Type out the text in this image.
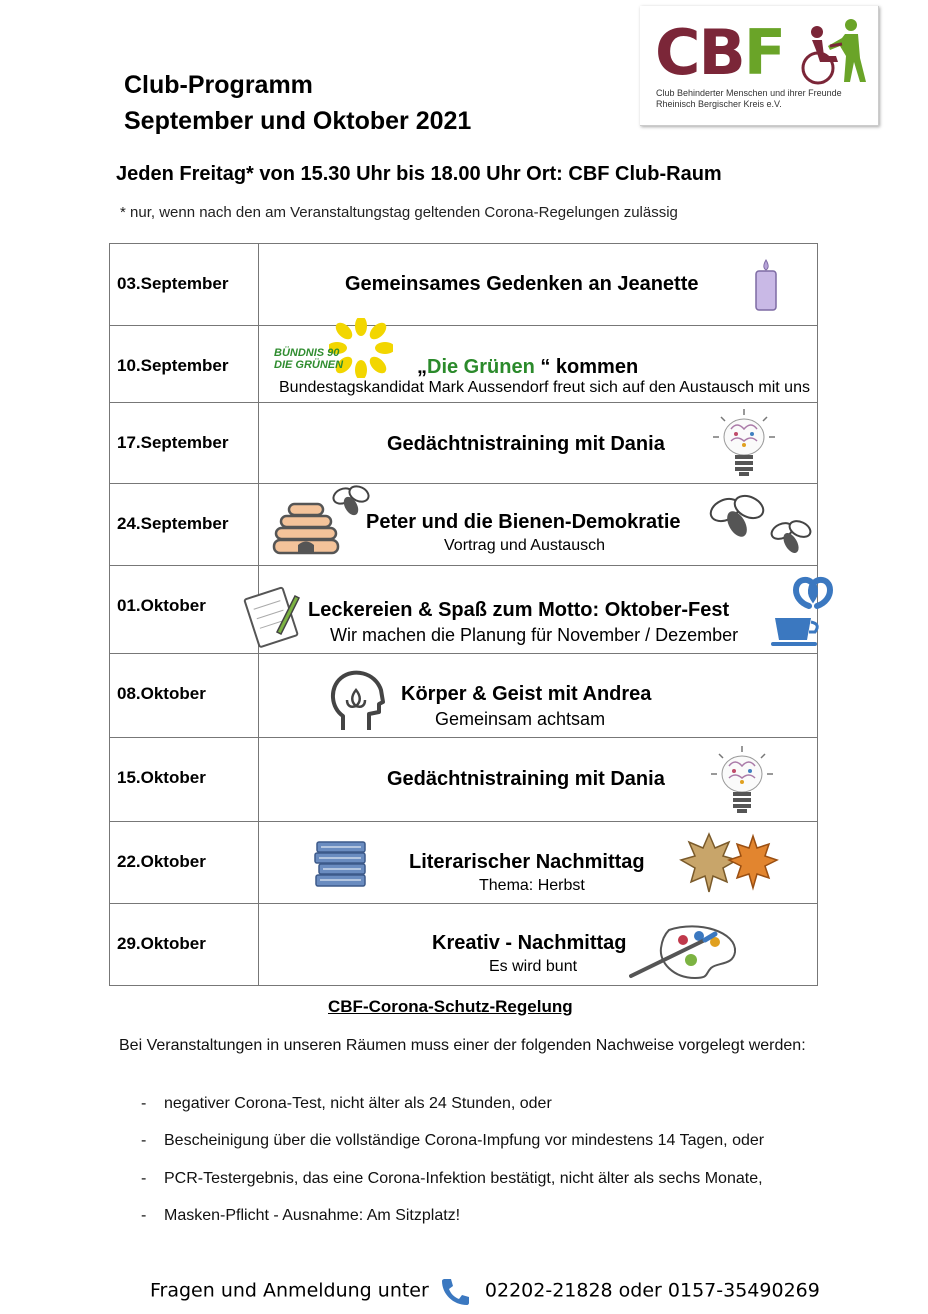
Club-Programm
September und Oktober 2021
CBF
Club Behinderter Menschen und ihrer Freunde
Rheinisch Bergischer Kreis e.V.
Jeden Freitag* von 15.30 Uhr bis 18.00 Uhr Ort: CBF Club-Raum
* nur, wenn nach den am Veranstaltungstag geltenden Corona-Regelungen zulässig
03.September	Gemeinsames Gedenken an Jeanette

10.September	BÜNDNIS 90
DIE GRÜNEN „Die Grünen “ kommen
Bundestagskandidat Mark Aussendorf freut sich auf den Austausch mit uns

17.September	Gedächtnistraining mit Dania

24.September	Peter und die Bienen-Demokratie
Vortrag und Austausch

01.Oktober	Leckereien & Spaß zum Motto: Oktober-Fest
Wir machen die Planung für November / Dezember

08.Oktober	Körper & Geist mit Andrea
Gemeinsam achtsam

15.Oktober	Gedächtnistraining mit Dania

22.Oktober	Literarischer Nachmittag
Thema: Herbst

29.Oktober	Kreativ - Nachmittag
Es wird bunt
CBF-Corona-Schutz-Regelung
Bei Veranstaltungen in unseren Räumen muss einer der folgenden Nachweise vorgelegt werden:
- negativer Corona-Test, nicht älter als 24 Stunden, oder
- Bescheinigung über die vollständige Corona-Impfung vor mindestens 14 Tagen, oder
- PCR-Testergebnis, das eine Corona-Infektion bestätigt, nicht älter als sechs Monate,
- Masken-Pflicht - Ausnahme: Am Sitzplatz!
Fragen und Anmeldung unter	02202-21828 oder 0157-35490269
